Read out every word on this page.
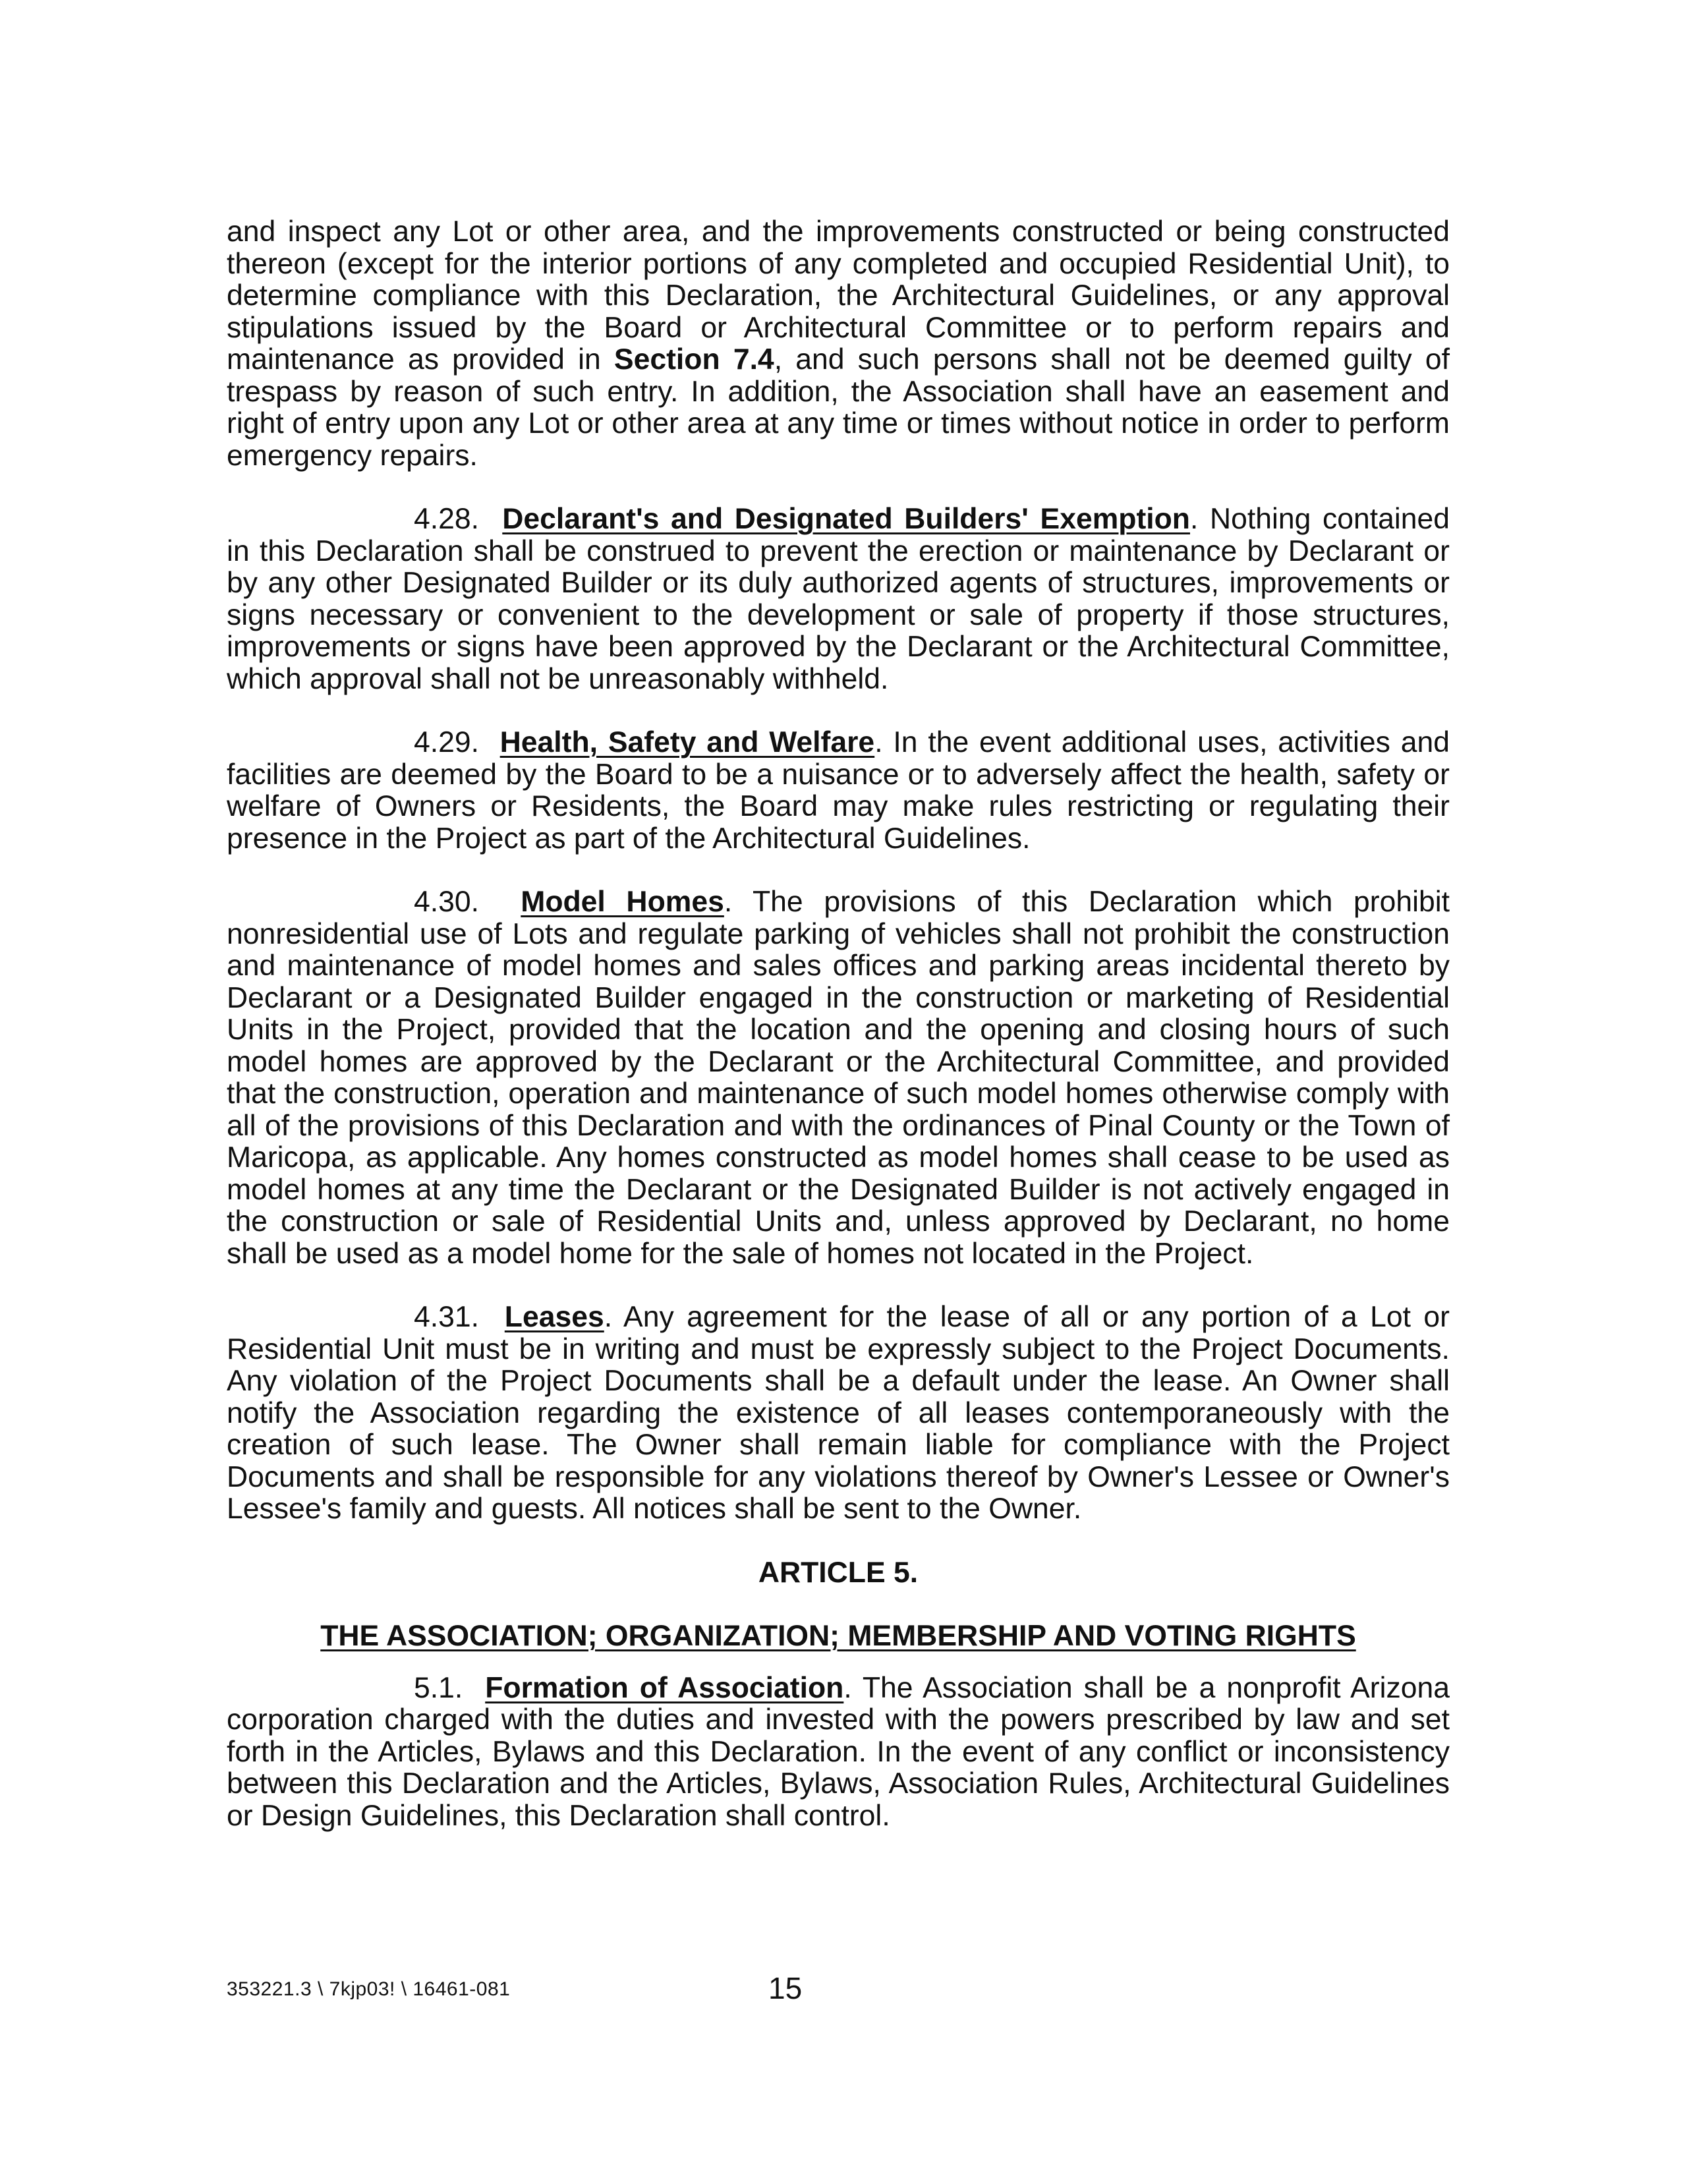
and inspect any Lot or other area, and the improvements constructed or being constructed thereon (except for the interior portions of any completed and occupied Residential Unit), to determine compliance with this Declaration, the Architectural Guidelines, or any approval stipulations issued by the Board or Architectural Committee or to perform repairs and maintenance as provided in Section 7.4, and such persons shall not be deemed guilty of trespass by reason of such entry. In addition, the Association shall have an easement and right of entry upon any Lot or other area at any time or times without notice in order to perform emergency repairs.

4.28. Declarant's and Designated Builders' Exemption. Nothing contained in this Declaration shall be construed to prevent the erection or maintenance by Declarant or by any other Designated Builder or its duly authorized agents of structures, improvements or signs necessary or convenient to the development or sale of property if those structures, improvements or signs have been approved by the Declarant or the Architectural Committee, which approval shall not be unreasonably withheld.

4.29. Health, Safety and Welfare. In the event additional uses, activities and facilities are deemed by the Board to be a nuisance or to adversely affect the health, safety or welfare of Owners or Residents, the Board may make rules restricting or regulating their presence in the Project as part of the Architectural Guidelines.

4.30. Model Homes. The provisions of this Declaration which prohibit nonresidential use of Lots and regulate parking of vehicles shall not prohibit the construction and maintenance of model homes and sales offices and parking areas incidental thereto by Declarant or a Designated Builder engaged in the construction or marketing of Residential Units in the Project, provided that the location and the opening and closing hours of such model homes are approved by the Declarant or the Architectural Committee, and provided that the construction, operation and maintenance of such model homes otherwise comply with all of the provisions of this Declaration and with the ordinances of Pinal County or the Town of Maricopa, as applicable. Any homes constructed as model homes shall cease to be used as model homes at any time the Declarant or the Designated Builder is not actively engaged in the construction or sale of Residential Units and, unless approved by Declarant, no home shall be used as a model home for the sale of homes not located in the Project.

4.31. Leases. Any agreement for the lease of all or any portion of a Lot or Residential Unit must be in writing and must be expressly subject to the Project Documents. Any violation of the Project Documents shall be a default under the lease. An Owner shall notify the Association regarding the existence of all leases contemporaneously with the creation of such lease. The Owner shall remain liable for compliance with the Project Documents and shall be responsible for any violations thereof by Owner's Lessee or Owner's Lessee's family and guests. All notices shall be sent to the Owner.

ARTICLE 5.

THE ASSOCIATION; ORGANIZATION; MEMBERSHIP AND VOTING RIGHTS

5.1. Formation of Association. The Association shall be a nonprofit Arizona corporation charged with the duties and invested with the powers prescribed by law and set forth in the Articles, Bylaws and this Declaration. In the event of any conflict or inconsistency between this Declaration and the Articles, Bylaws, Association Rules, Architectural Guidelines or Design Guidelines, this Declaration shall control.

353221.3 \ 7kjp03! \ 16461-081	15
